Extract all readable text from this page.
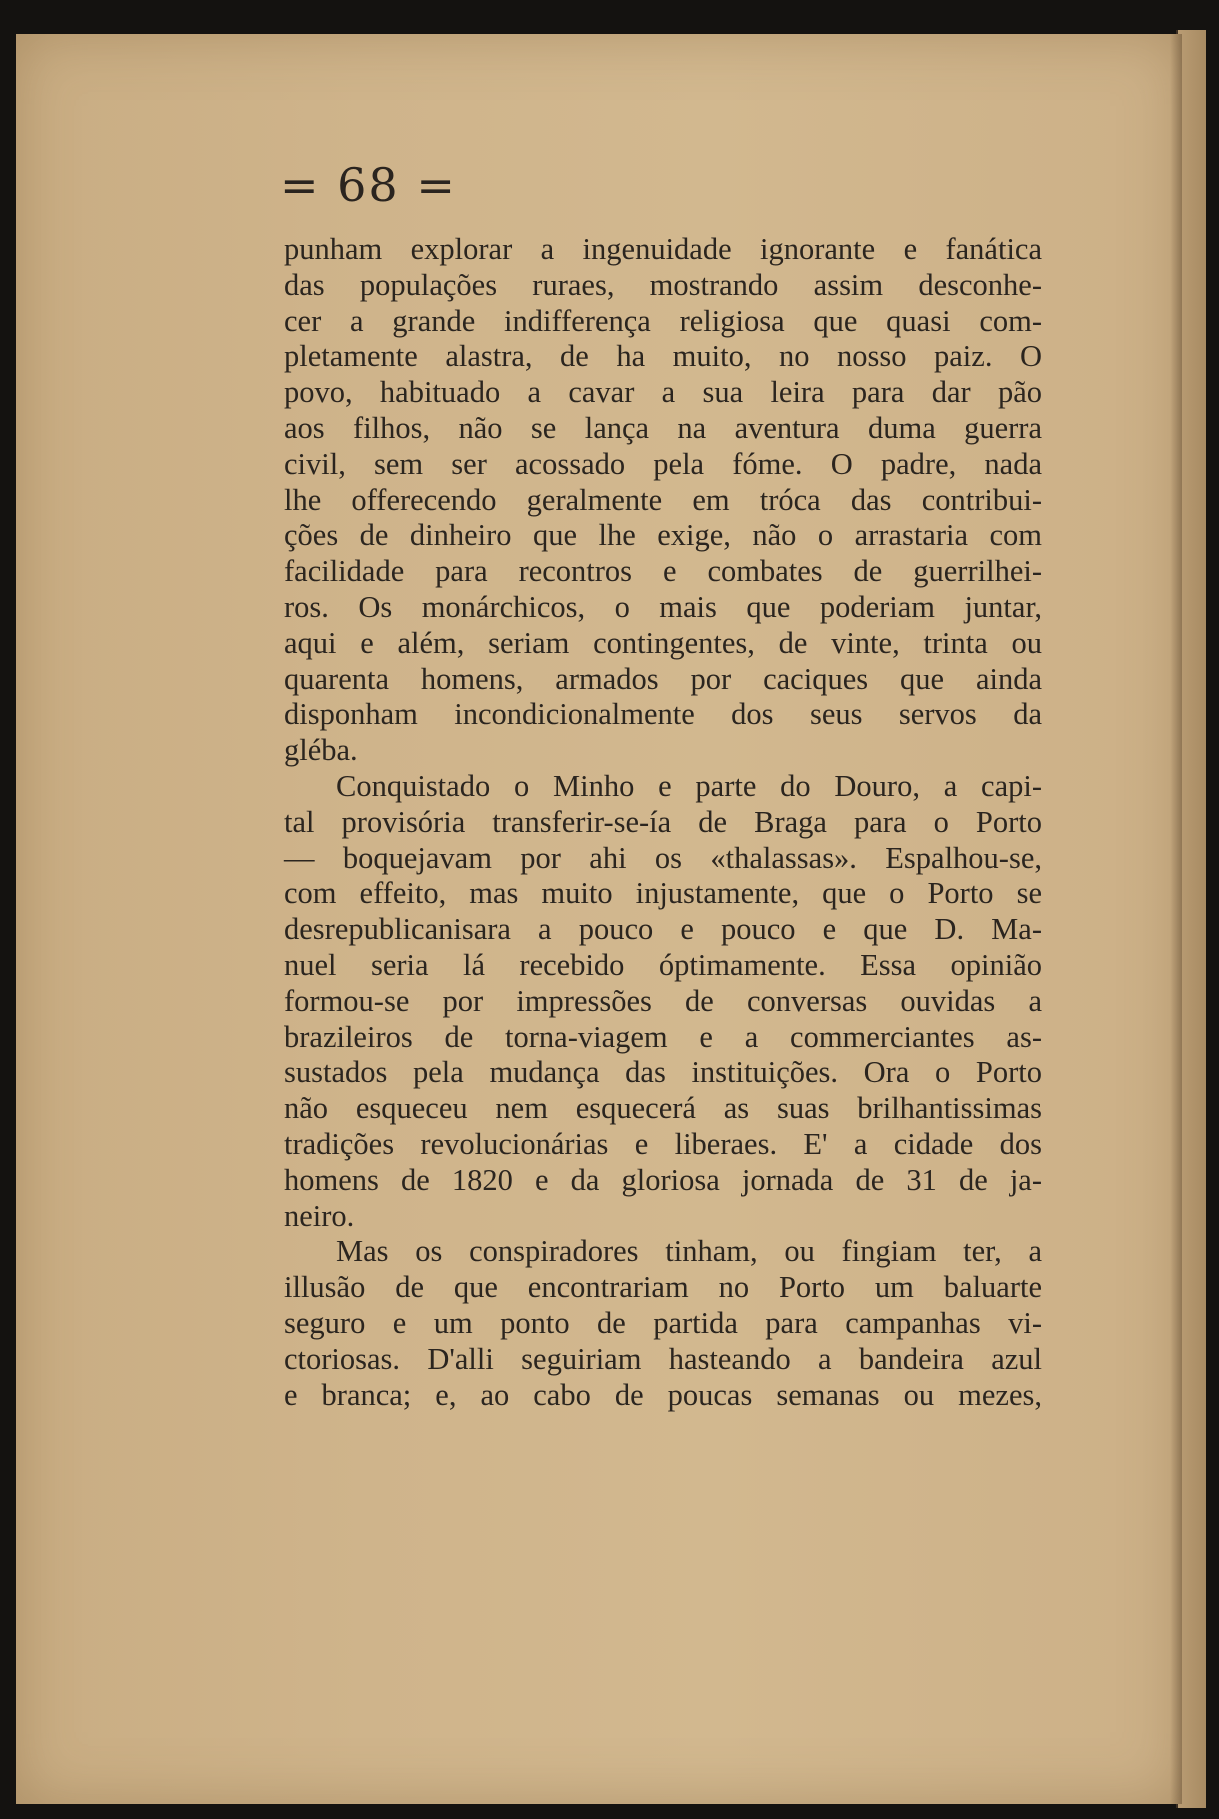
= 68 =
punham explorar a ingenuidade ignorante e fanática
das populações ruraes, mostrando assim desconhe-
cer a grande indifferença religiosa que quasi com-
pletamente alastra, de ha muito, no nosso paiz. O
povo, habituado a cavar a sua leira para dar pão
aos filhos, não se lança na aventura duma guerra
civil, sem ser acossado pela fóme. O padre, nada
lhe offerecendo geralmente em tróca das contribui-
ções de dinheiro que lhe exige, não o arrastaria com
facilidade para recontros e combates de guerrilhei-
ros. Os monárchicos, o mais que poderiam juntar,
aqui e além, seriam contingentes, de vinte, trinta ou
quarenta homens, armados por caciques que ainda
disponham incondicionalmente dos seus servos da
gléba.
Conquistado o Minho e parte do Douro, a capi-
tal provisória transferir-se-ía de Braga para o Porto
— boquejavam por ahi os «thalassas». Espalhou-se,
com effeito, mas muito injustamente, que o Porto se
desrepublicanisara a pouco e pouco e que D. Ma-
nuel seria lá recebido óptimamente. Essa opinião
formou-se por impressões de conversas ouvidas a
brazileiros de torna-viagem e a commerciantes as-
sustados pela mudança das instituições. Ora o Porto
não esqueceu nem esquecerá as suas brilhantissimas
tradições revolucionárias e liberaes. E' a cidade dos
homens de 1820 e da gloriosa jornada de 31 de ja-
neiro.
Mas os conspiradores tinham, ou fingiam ter, a
illusão de que encontrariam no Porto um baluarte
seguro e um ponto de partida para campanhas vi-
ctoriosas. D'alli seguiriam hasteando a bandeira azul
e branca; e, ao cabo de poucas semanas ou mezes,
